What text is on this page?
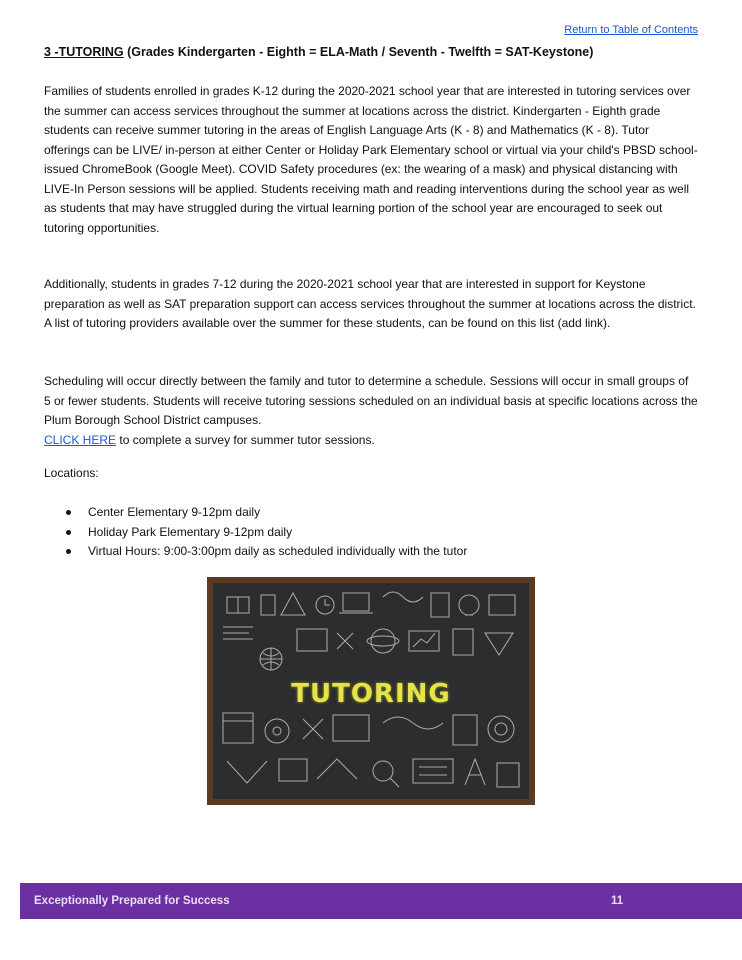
Return to Table of Contents
3 -TUTORING (Grades Kindergarten - Eighth = ELA-Math / Seventh - Twelfth = SAT-Keystone)

Families of students enrolled in grades K-12 during the 2020-2021 school year that are interested in tutoring services over the summer can access services throughout the summer at locations across the district. Kindergarten - Eighth grade students can receive summer tutoring in the areas of English Language Arts (K - 8) and Mathematics (K - 8). Tutor offerings can be LIVE/ in-person at either Center or Holiday Park Elementary school or virtual via your child's PBSD school-issued ChromeBook (Google Meet). COVID Safety procedures (ex: the wearing of a mask) and physical distancing with LIVE-In Person sessions will be applied. Students receiving math and reading interventions during the school year as well as students that may have struggled during the virtual learning portion of the school year are encouraged to seek out tutoring opportunities.

Additionally, students in grades 7-12 during the 2020-2021 school year that are interested in support for Keystone preparation as well as SAT preparation support can access services throughout the summer at locations across the district. A list of tutoring providers available over the summer for these students, can be found on this list (add link).

Scheduling will occur directly between the family and tutor to determine a schedule. Sessions will occur in small groups of 5 or fewer students. Students will receive tutoring sessions scheduled on an individual basis at specific locations across the Plum Borough School District campuses.
CLICK HERE to complete a survey for summer tutor sessions.

Locations:
Center Elementary 9-12pm daily
Holiday Park Elementary 9-12pm daily
Virtual Hours: 9:00-3:00pm daily as scheduled individually with the tutor
TUTORING
Exceptionally Prepared for Success	11
